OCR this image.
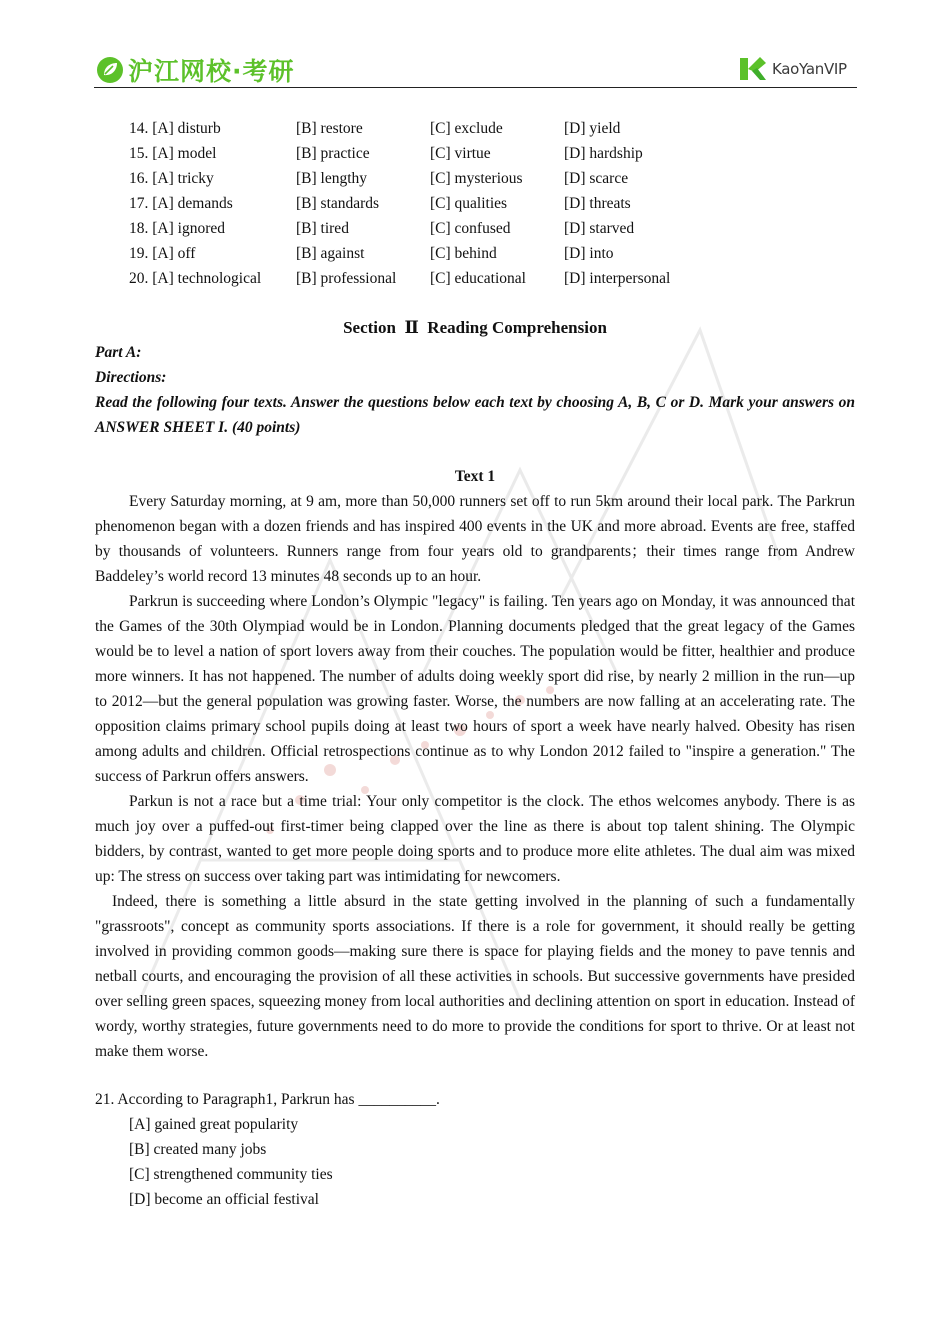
沪江网校·考研	KaoYanVIP
14. [A] disturb	[B] restore	[C] exclude	[D] yield
15. [A] model	[B] practice	[C] virtue	[D] hardship
16. [A] tricky	[B] lengthy	[C] mysterious	[D] scarce
17. [A] demands	[B] standards	[C] qualities	[D] threats
18. [A] ignored	[B] tired	[C] confused	[D] starved
19. [A] off	[B] against	[C] behind	[D] into
20. [A] technological [B] professional [C] educational [D] interpersonal
Section  Ⅱ  Reading Comprehension
Part A:
Directions:
Read the following four texts. Answer the questions below each text by choosing A, B, C or D. Mark your answers on ANSWER SHEET I. (40 points)
Text 1

Every Saturday morning, at 9 am, more than 50,000 runners set off to run 5km around their local park. The Parkrun phenomenon began with a dozen friends and has inspired 400 events in the UK and more abroad. Events are free, staffed by thousands of volunteers. Runners range from four years old to grandparents；their times range from Andrew Baddeley’s world record 13 minutes 48 seconds up to an hour.

Parkrun is succeeding where London’s Olympic "legacy" is failing. Ten years ago on Monday, it was announced that the Games of the 30th Olympiad would be in London. Planning documents pledged that the great legacy of the Games would be to level a nation of sport lovers away from their couches. The population would be fitter, healthier and produce more winners. It has not happened. The number of adults doing weekly sport did rise, by nearly 2 million in the run—up to 2012—but the general population was growing faster. Worse, the numbers are now falling at an accelerating rate. The opposition claims primary school pupils doing at least two hours of sport a week have nearly halved. Obesity has risen among adults and children. Official retrospections continue as to why London 2012 failed to "inspire a generation." The success of Parkrun offers answers.

Parkun is not a race but a time trial: Your only competitor is the clock. The ethos welcomes anybody. There is as much joy over a puffed-out first-timer being clapped over the line as there is about top talent shining. The Olympic bidders, by contrast, wanted to get more people doing sports and to produce more elite athletes. The dual aim was mixed up: The stress on success over taking part was intimidating for newcomers.

Indeed, there is something a little absurd in the state getting involved in the planning of such a fundamentally "grassroots", concept as community sports associations. If there is a role for government, it should really be getting involved in providing common goods—making sure there is space for playing fields and the money to pave tennis and netball courts, and encouraging the provision of all these activities in schools. But successive governments have presided over selling green spaces, squeezing money from local authorities and declining attention on sport in education. Instead of wordy, worthy strategies, future governments need to do more to provide the conditions for sport to thrive. Or at least not make them worse.

21. According to Paragraph1, Parkrun has __________.
[A] gained great popularity
[B] created many jobs
[C] strengthened community ties
[D] become an official festival
